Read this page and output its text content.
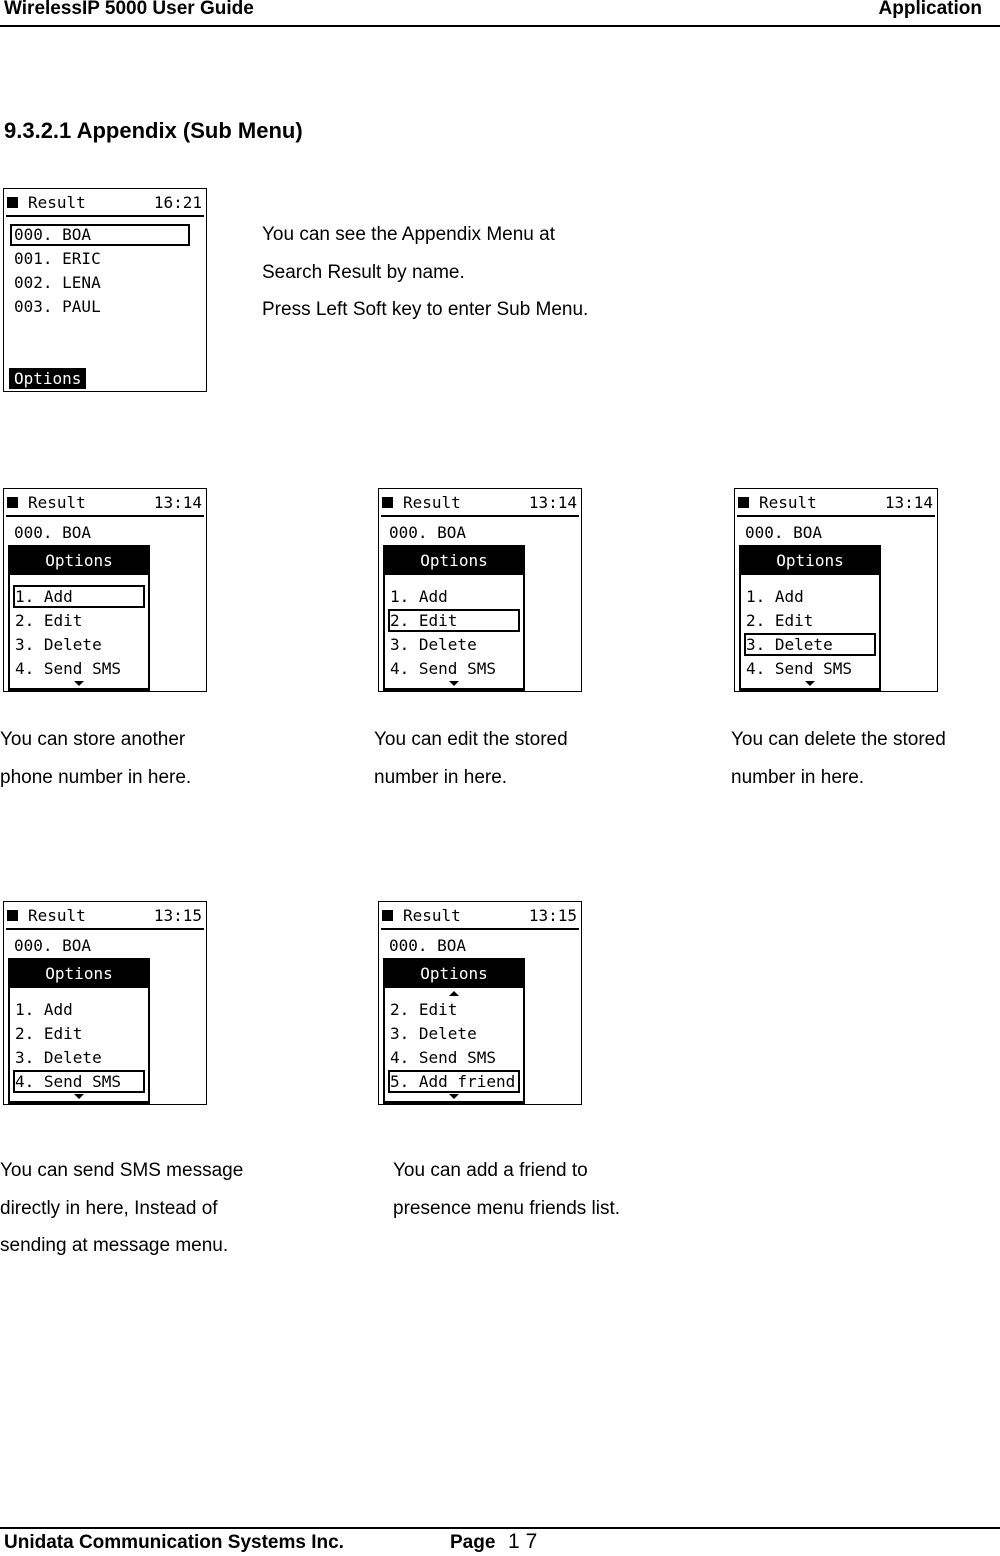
WirelessIP 5000 User Guide	Application
9.3.2.1 Appendix (Sub Menu)
Result	16:21
000. BOA
001. ERIC
002. LENA
003. PAUL
Options
You can see the Appendix Menu at
Search Result by name.
Press Left Soft key to enter Sub Menu.
Result	13:14
000. BOA
Options
1. Add
2. Edit
3. Delete
4. Send SMS
You can store another
phone number in here.
Result	13:14
000. BOA
Options
1. Add
2. Edit
3. Delete
4. Send SMS
You can edit the stored
number in here.
Result	13:14
000. BOA
Options
1. Add
2. Edit
3. Delete
4. Send SMS
You can delete the stored
number in here.
Result	13:15
000. BOA
Options
1. Add
2. Edit
3. Delete
4. Send SMS
You can send SMS message
directly in here, Instead of
sending at message menu.
Result	13:15
000. BOA
Options
2. Edit
3. Delete
4. Send SMS
5. Add friend
You can add a friend to
presence menu friends list.
Unidata Communication Systems Inc.	Page 17
